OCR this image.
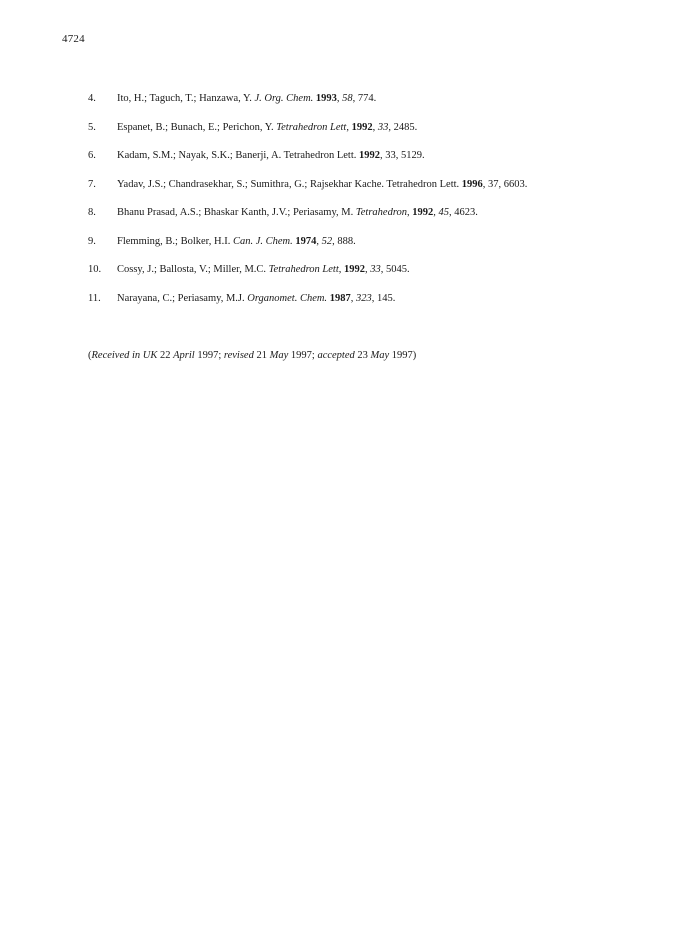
4724
4.	Ito, H.; Taguch, T.; Hanzawa, Y. J. Org. Chem. 1993, 58, 774.
5.	Espanet, B.; Bunach, E.; Perichon, Y. Tetrahedron Lett, 1992, 33, 2485.
6.	Kadam, S.M.; Nayak, S.K.; Banerji, A. Tetrahedron Lett. 1992, 33, 5129.
7.	Yadav, J.S.; Chandrasekhar, S.; Sumithra, G.; Rajsekhar Kache. Tetrahedron Lett. 1996, 37, 6603.
8.	Bhanu Prasad, A.S.; Bhaskar Kanth, J.V.; Periasamy, M. Tetrahedron, 1992, 45, 4623.
9.	Flemming, B.; Bolker, H.I. Can. J. Chem. 1974, 52, 888.
10.	Cossy, J.; Ballosta, V.; Miller, M.C. Tetrahedron Lett, 1992, 33, 5045.
11.	Narayana, C.; Periasamy, M.J. Organomet. Chem. 1987, 323, 145.
(Received in UK 22 April 1997; revised 21 May 1997; accepted 23 May 1997)
